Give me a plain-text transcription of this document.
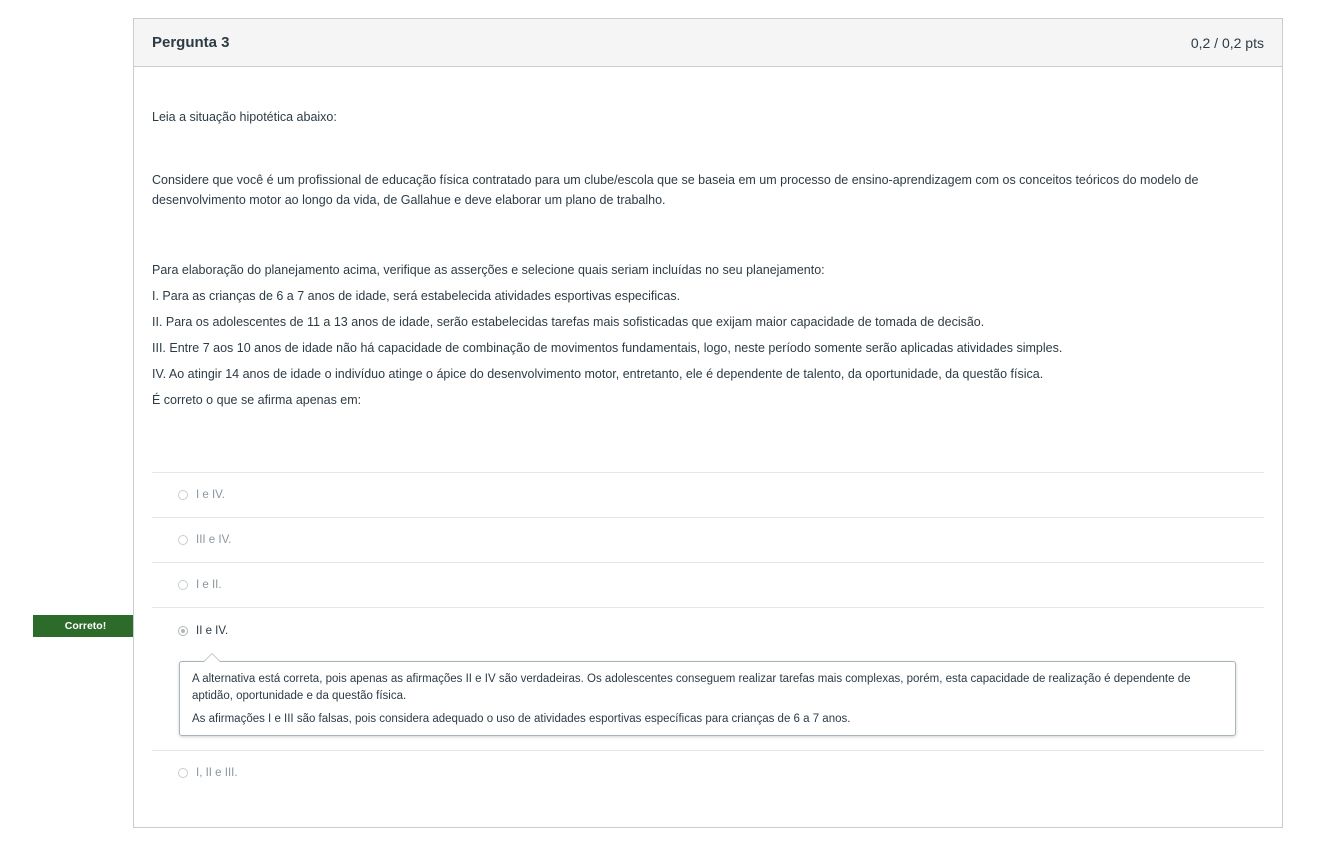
Correto!
Pergunta 3	0,2 / 0,2 pts

Leia a situação hipotética abaixo:

Considere que você é um profissional de educação física contratado para um clube/escola que se baseia em um processo de ensino-aprendizagem com os conceitos teóricos do modelo de desenvolvimento motor ao longo da vida, de Gallahue e deve elaborar um plano de trabalho.

Para elaboração do planejamento acima, verifique as asserções e selecione quais seriam incluídas no seu planejamento:

I. Para as crianças de 6 a 7 anos de idade, será estabelecida atividades esportivas especificas.

II. Para os adolescentes de 11 a 13 anos de idade, serão estabelecidas tarefas mais sofisticadas que exijam maior capacidade de tomada de decisão.

III. Entre 7 aos 10 anos de idade não há capacidade de combinação de movimentos fundamentais, logo, neste período somente serão aplicadas atividades simples.

IV. Ao atingir 14 anos de idade o indivíduo atinge o ápice do desenvolvimento motor, entretanto, ele é dependente de talento, da oportunidade, da questão física.

É correto o que se afirma apenas em:

I e IV.
III e IV.
I e II.
II e IV.

A alternativa está correta, pois apenas as afirmações II e IV são verdadeiras. Os adolescentes conseguem realizar tarefas mais complexas, porém, esta capacidade de realização é dependente de aptidão, oportunidade e da questão física.

As afirmações I e III são falsas, pois considera adequado o uso de atividades esportivas específicas para crianças de 6 a 7 anos.

I, II e III.
